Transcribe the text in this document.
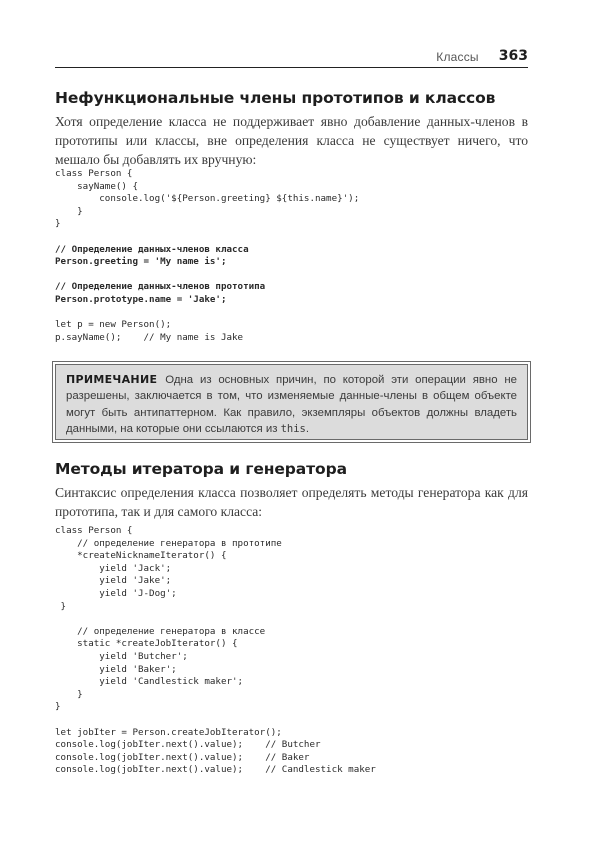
Классы 363
Нефункциональные члены прототипов и классов

Хотя определение класса не поддерживает явно добавление данных-членов в прототипы или классы, вне определения класса не существует ничего, что мешало бы добавлять их вручную:

class Person {
sayName() {
console.log('${Person.greeting} ${this.name}');
}
}

// Определение данных-членов класса
Person.greeting = 'My name is';

// Определение данных-членов прототипа
Person.prototype.name = 'Jake';

let p = new Person();
p.sayName();    // My name is Jake
ПРИМЕЧАНИЕ Одна из основных причин, по которой эти операции явно не разрешены, заключается в том, что изменяемые данные-члены в общем объекте могут быть антипаттерном. Как правило, экземпляры объектов должны владеть данными, на которые они ссылаются из this.
Методы итератора и генератора

Синтаксис определения класса позволяет определять методы генератора как для прототипа, так и для самого класса:

class Person {
// определение генератора в прототипе
*createNicknameIterator() {
yield 'Jack';
yield 'Jake';
yield 'J-Dog';
}

// определение генератора в классе
static *createJobIterator() {
yield 'Butcher';
yield 'Baker';
yield 'Candlestick maker';
}
}

let jobIter = Person.createJobIterator();
console.log(jobIter.next().value);    // Butcher
console.log(jobIter.next().value);    // Baker
console.log(jobIter.next().value);    // Candlestick maker
